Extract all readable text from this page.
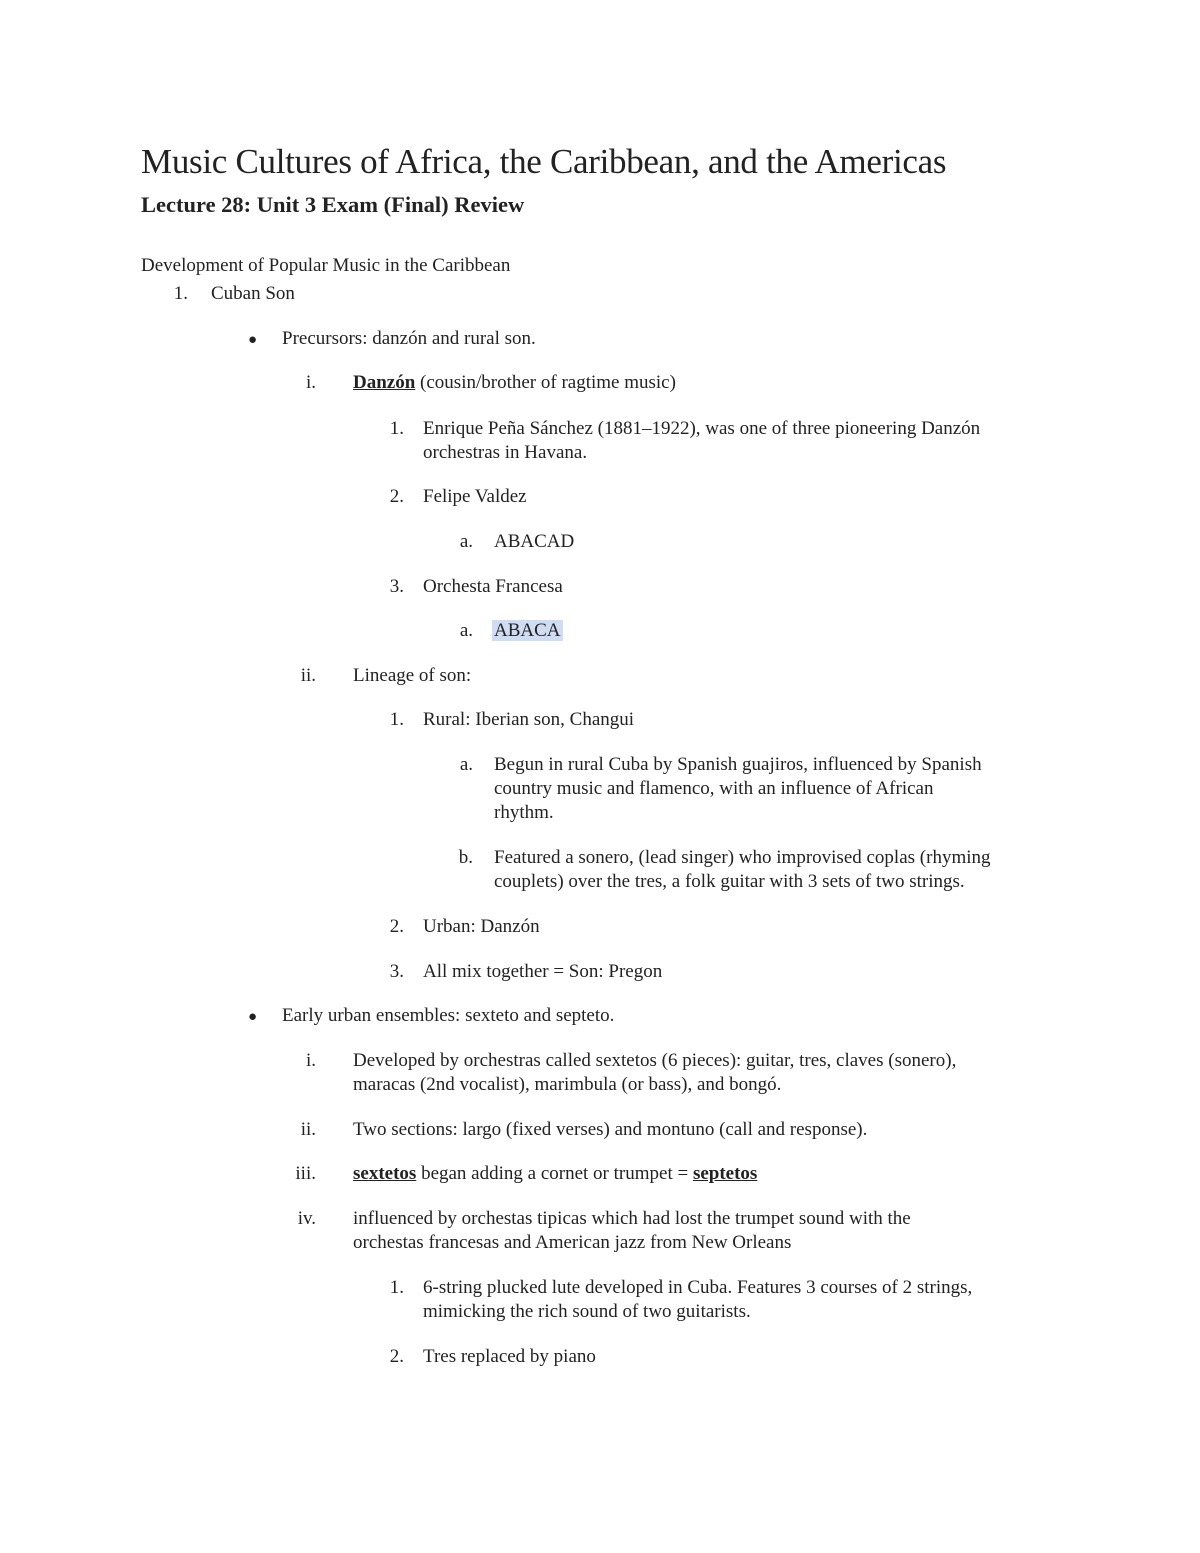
Music Cultures of Africa, the Caribbean, and the Americas
Lecture 28: Unit 3 Exam (Final) Review
Development of Popular Music in the Caribbean
1. Cuban Son
● Precursors: danzón and rural son.
i. Danzón (cousin/brother of ragtime music)
1. Enrique Peña Sánchez (1881–1922), was one of three pioneering Danzón
orchestras in Havana.
2. Felipe Valdez
a. ABACAD
3. Orchesta Francesa
a. ABACA
ii. Lineage of son:
1. Rural: Iberian son, Changui
a. Begun in rural Cuba by Spanish guajiros, influenced by Spanish
country music and flamenco, with an influence of African
rhythm.
b. Featured a sonero, (lead singer) who improvised coplas (rhyming
couplets) over the tres, a folk guitar with 3 sets of two strings.
2. Urban: Danzón
3. All mix together = Son: Pregon
● Early urban ensembles: sexteto and septeto.
i. Developed by orchestras called sextetos (6 pieces): guitar, tres, claves (sonero),
maracas (2nd vocalist), marimbula (or bass), and bongó.
ii. Two sections: largo (fixed verses) and montuno (call and response).
iii. sextetos began adding a cornet or trumpet = septetos
iv. influenced by orchestas tipicas which had lost the trumpet sound with the
orchestas francesas and American jazz from New Orleans
1. 6-string plucked lute developed in Cuba. Features 3 courses of 2 strings,
mimicking the rich sound of two guitarists.
2. Tres replaced by piano
